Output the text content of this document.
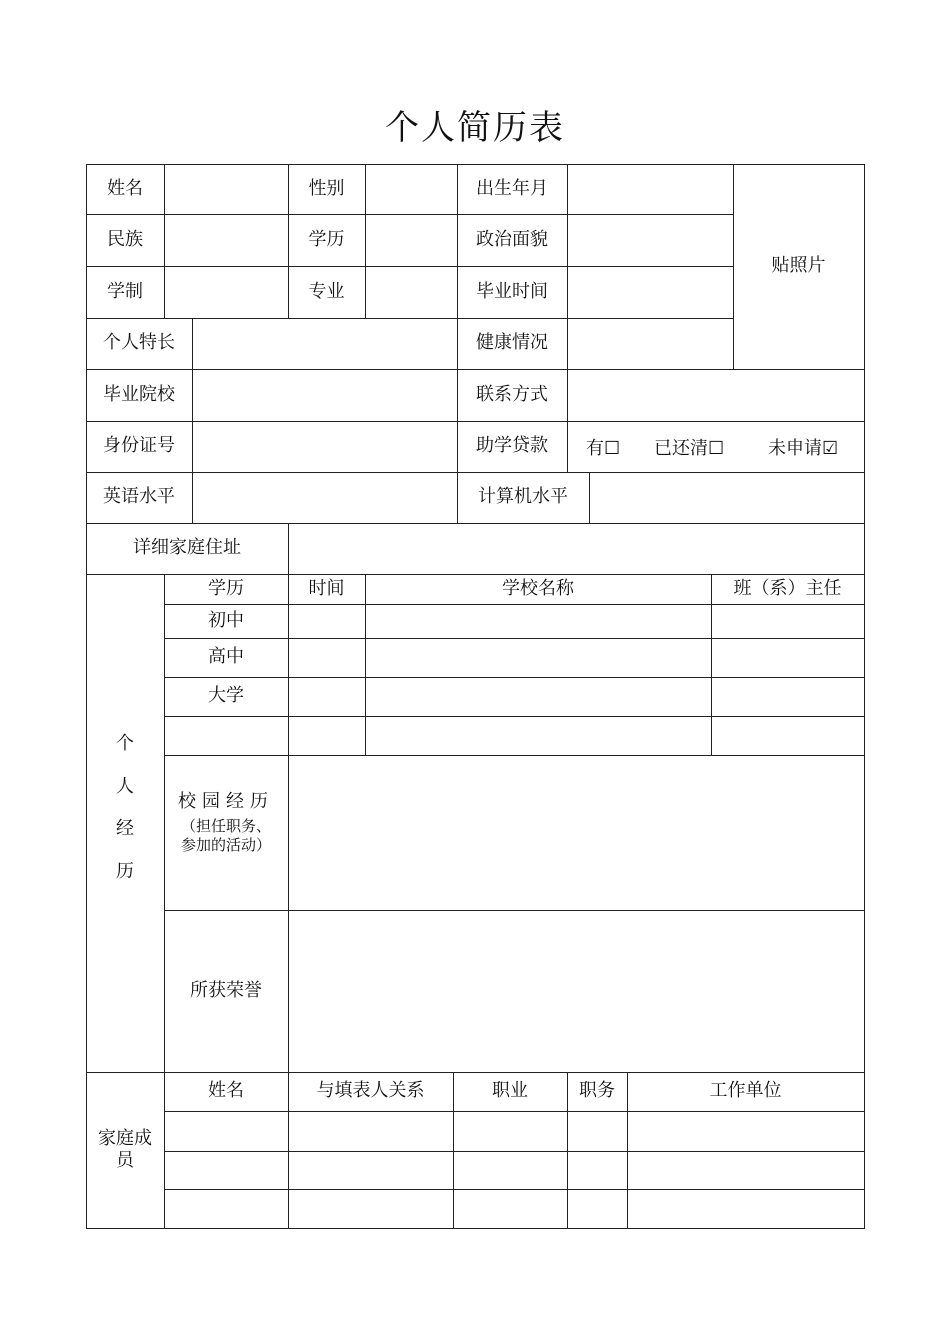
个人简历表
姓名	性别	出生年月
贴照片
民族	学历	政治面貌
学制	专业	毕业时间
个人特长	健康情况
毕业院校	联系方式
身份证号	助学贷款	有☐ 已还清☐ 未申请☑
英语水平	计算机水平
详细家庭住址
个
人
经
历
学历	时间	学校名称	班（系）主任
初中
高中
大学
校园经历
（担任职务、
参加的活动）
所获荣誉
家庭成
员
姓名	与填表人关系	职业	职务	工作单位
